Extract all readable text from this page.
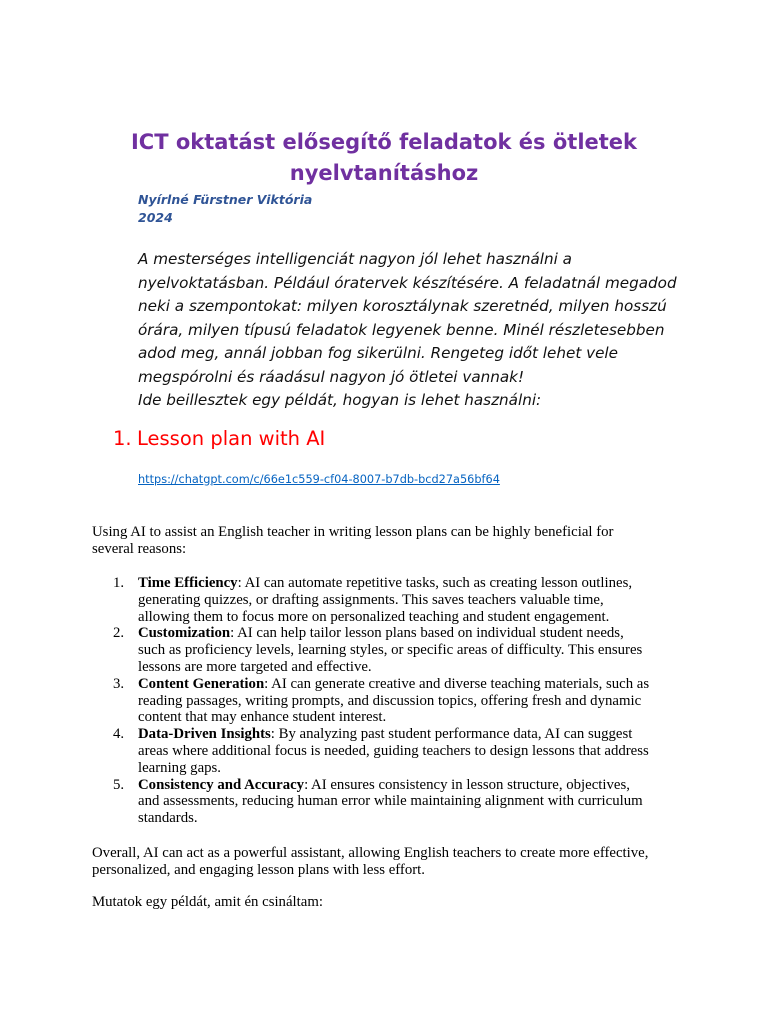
ICT oktatást elősegítő feladatok és ötletek
nyelvtanításhoz
Nyírlné Fürstner Viktória
2024
A mesterséges intelligenciát nagyon jól lehet használni a
nyelvoktatásban. Például óratervek készítésére. A feladatnál megadod
neki a szempontokat: milyen korosztálynak szeretnéd, milyen hosszú
órára, milyen típusú feladatok legyenek benne. Minél részletesebben
adod meg, annál jobban fog sikerülni. Rengeteg időt lehet vele
megspórolni és ráadásul nagyon jó ötletei vannak!
Ide beillesztek egy példát, hogyan is lehet használni:
1. Lesson plan with AI
https://chatgpt.com/c/66e1c559-cf04-8007-b7db-bcd27a56bf64
Using AI to assist an English teacher in writing lesson plans can be highly beneficial for
several reasons:
1. Time Efficiency: AI can automate repetitive tasks, such as creating lesson outlines,
generating quizzes, or drafting assignments. This saves teachers valuable time,
allowing them to focus more on personalized teaching and student engagement.
2. Customization: AI can help tailor lesson plans based on individual student needs,
such as proficiency levels, learning styles, or specific areas of difficulty. This ensures
lessons are more targeted and effective.
3. Content Generation: AI can generate creative and diverse teaching materials, such as
reading passages, writing prompts, and discussion topics, offering fresh and dynamic
content that may enhance student interest.
4. Data-Driven Insights: By analyzing past student performance data, AI can suggest
areas where additional focus is needed, guiding teachers to design lessons that address
learning gaps.
5. Consistency and Accuracy: AI ensures consistency in lesson structure, objectives,
and assessments, reducing human error while maintaining alignment with curriculum
standards.
Overall, AI can act as a powerful assistant, allowing English teachers to create more effective,
personalized, and engaging lesson plans with less effort.
Mutatok egy példát, amit én csináltam:
